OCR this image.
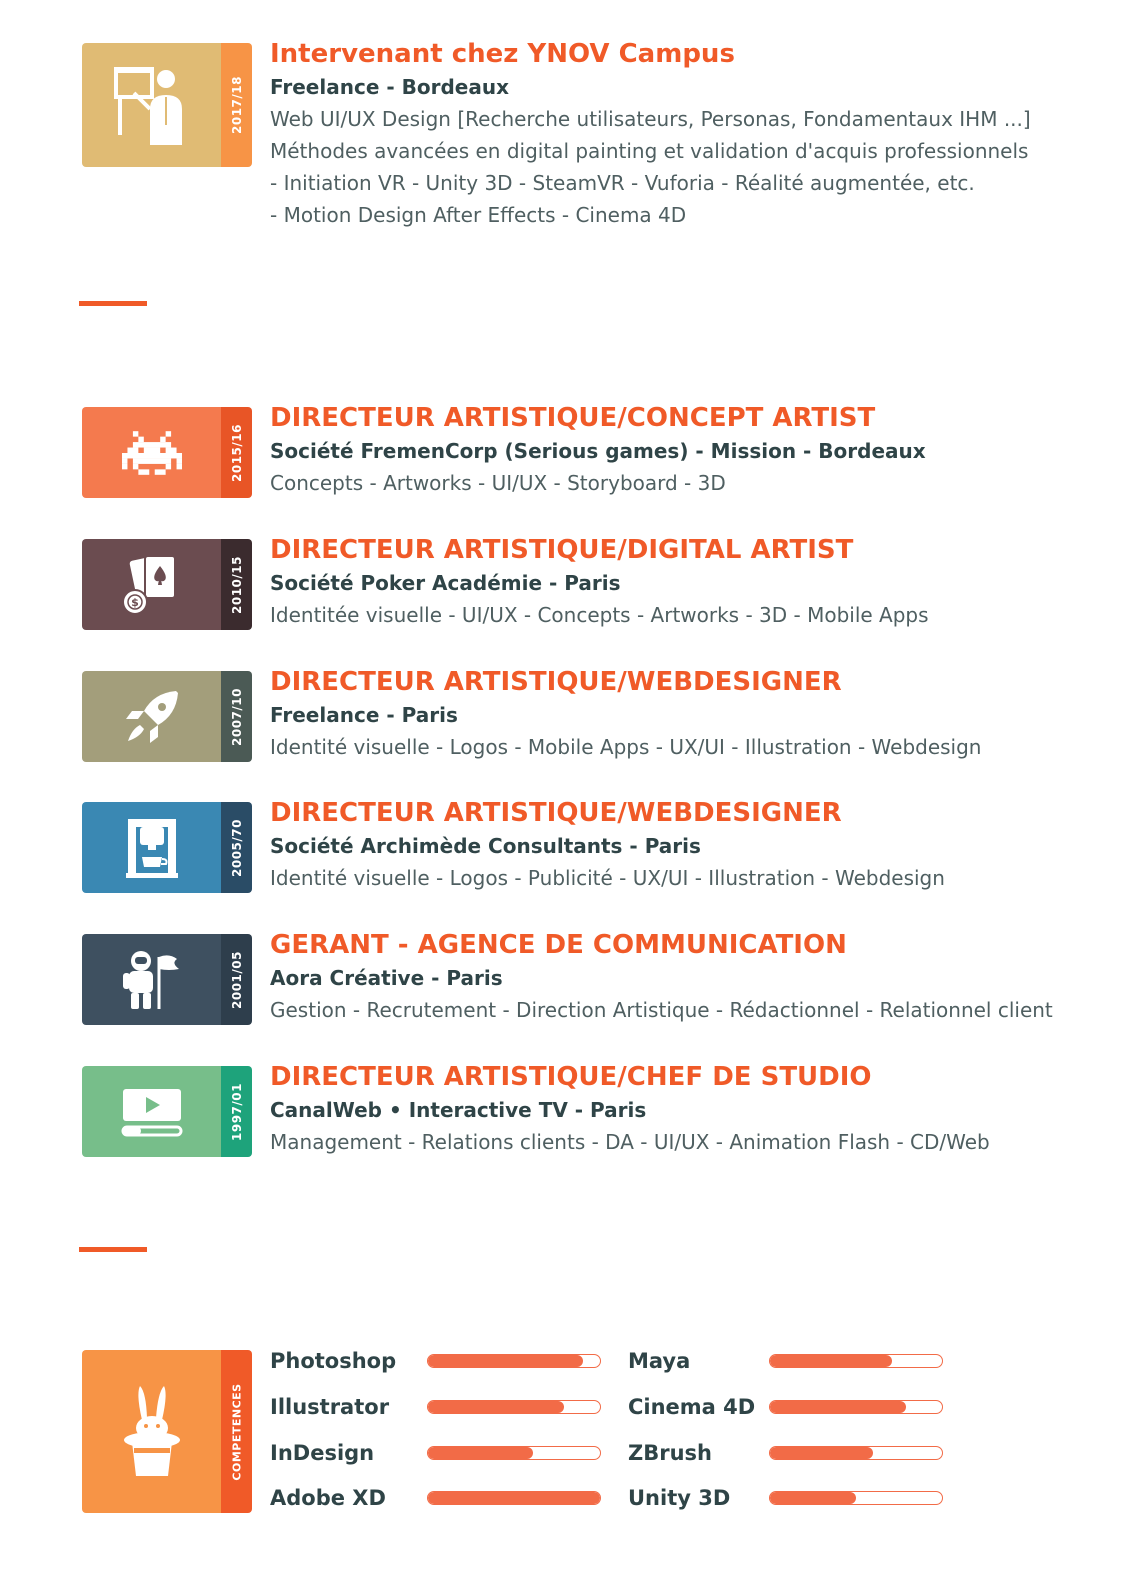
2017/18
Intervenant chez YNOV Campus
Freelance - Bordeaux
Web UI/UX Design [Recherche utilisateurs, Personas, Fondamentaux IHM ...]
Méthodes avancées en digital painting et validation d'acquis professionnels
- Initiation VR - Unity 3D - SteamVR - Vuforia - Réalité augmentée, etc.
- Motion Design After Effects - Cinema 4D
2015/16
DIRECTEUR ARTISTIQUE/CONCEPT ARTIST
Société FremenCorp (Serious games) - Mission - Bordeaux
Concepts - Artworks - UI/UX - Storyboard - 3D
$	2010/15
DIRECTEUR ARTISTIQUE/DIGITAL ARTIST
Société Poker Académie - Paris
Identitée visuelle - UI/UX - Concepts - Artworks - 3D - Mobile Apps
2007/10
DIRECTEUR ARTISTIQUE/WEBDESIGNER
Freelance - Paris
Identité visuelle - Logos - Mobile Apps - UX/UI - Illustration - Webdesign
2005/70
DIRECTEUR ARTISTIQUE/WEBDESIGNER
Société Archimède Consultants - Paris
Identité visuelle - Logos - Publicité - UX/UI - Illustration - Webdesign
2001/05
GERANT - AGENCE DE COMMUNICATION
Aora Créative - Paris
Gestion - Recrutement - Direction Artistique - Rédactionnel - Relationnel client
1997/01
DIRECTEUR ARTISTIQUE/CHEF DE STUDIO
CanalWeb • Interactive TV - Paris
Management - Relations clients - DA - UI/UX - Animation Flash - CD/Web
COMPETENCES
Photoshop
Illustrator
InDesign
Adobe XD
Maya
Cinema 4D
ZBrush
Unity 3D
